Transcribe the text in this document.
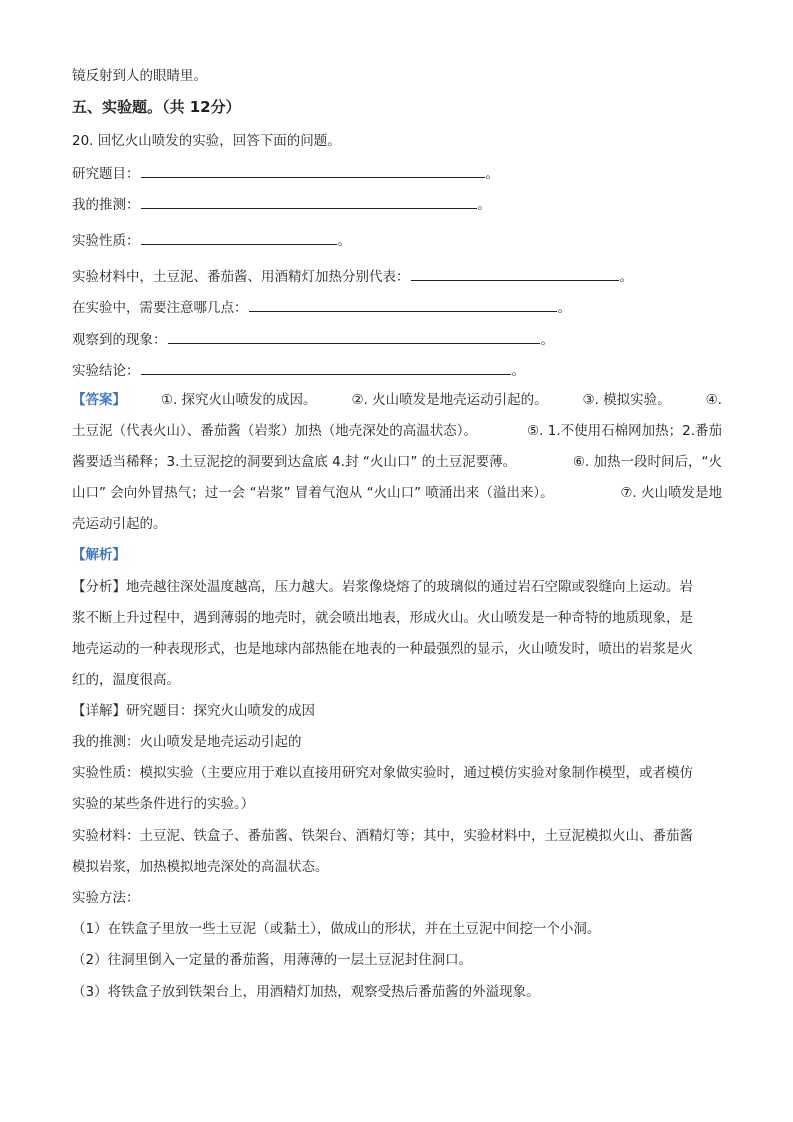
镜反射到人的眼睛里。
五、实验题。（共 12分）
20. 回忆火山喷发的实验，回答下面的问题。
研究题目：	。
我的推测：	。
实验性质：	。
实验材料中，土豆泥、番茄酱、用酒精灯加热分别代表：	。
在实验中，需要注意哪几点：	。
观察到的现象：	。
实验结论：	。
【答案】	①. 探究火山喷发的成因。	②. 火山喷发是地壳运动引起的。	③. 模拟实验。	④.
土豆泥（代表火山）、番茄酱（岩浆）加热（地壳深处的高温状态）。	⑤. 1.不使用石棉网加热；2.番茄
酱要适当稀释；3.土豆泥挖的洞要到达盒底 4.封 “火山口” 的土豆泥要薄。	⑥. 加热一段时间后，“火
山口” 会向外冒热气；过一会 “岩浆” 冒着气泡从 “火山口” 喷涌出来（溢出来）。	⑦. 火山喷发是地
壳运动引起的。
【解析】
【分析】地壳越往深处温度越高，压力越大。岩浆像烧熔了的玻璃似的通过岩石空隙或裂缝向上运动。岩
浆不断上升过程中，遇到薄弱的地壳时，就会喷出地表，形成火山。火山喷发是一种奇特的地质现象，是
地壳运动的一种表现形式，也是地球内部热能在地表的一种最强烈的显示，火山喷发时，喷出的岩浆是火
红的，温度很高。
【详解】研究题目：探究火山喷发的成因
我的推测：火山喷发是地壳运动引起的
实验性质：模拟实验（主要应用于难以直接用研究对象做实验时，通过模仿实验对象制作模型，或者模仿
实验的某些条件进行的实验。）
实验材料：土豆泥、铁盒子、番茄酱、铁架台、酒精灯等；其中，实验材料中，土豆泥模拟火山、番茄酱
模拟岩浆，加热模拟地壳深处的高温状态。
实验方法：
（1）在铁盒子里放一些土豆泥（或黏土），做成山的形状，并在土豆泥中间挖一个小洞。
（2）往洞里倒入一定量的番茄酱，用薄薄的一层土豆泥封住洞口。
（3）将铁盒子放到铁架台上，用酒精灯加热，观察受热后番茄酱的外溢现象。
